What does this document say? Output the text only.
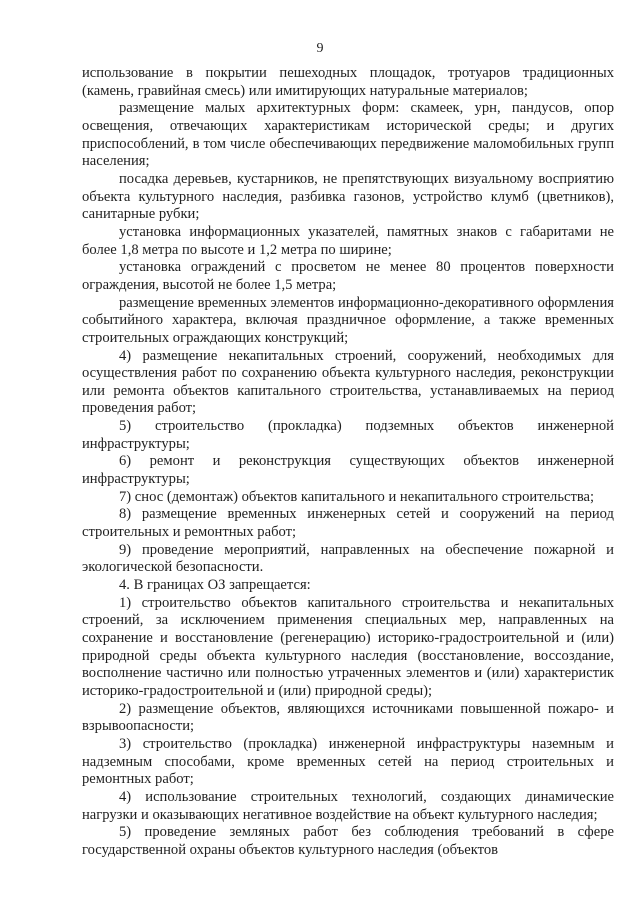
9

использование в покрытии пешеходных площадок, тротуаров традиционных (камень, гравийная смесь) или имитирующих натуральные материалов;

размещение малых архитектурных форм: скамеек, урн, пандусов, опор освещения, отвечающих характеристикам исторической среды; и других приспособлений, в том числе обеспечивающих передвижение маломобильных групп населения;

посадка деревьев, кустарников, не препятствующих визуальному восприятию объекта культурного наследия, разбивка газонов, устройство клумб (цветников), санитарные рубки;

установка информационных указателей, памятных знаков с габаритами не более 1,8 метра по высоте и 1,2 метра по ширине;

установка ограждений с просветом не менее 80 процентов поверхности ограждения, высотой не более 1,5 метра;

размещение временных элементов информационно-декоративного оформления событийного характера, включая праздничное оформление, а также временных строительных ограждающих конструкций;

4) размещение некапитальных строений, сооружений, необходимых для осуществления работ по сохранению объекта культурного наследия, реконструкции или ремонта объектов капитального строительства, устанавливаемых на период проведения работ;

5) строительство (прокладка) подземных объектов инженерной инфраструктуры;

6) ремонт и реконструкция существующих объектов инженерной инфраструктуры;

7) снос (демонтаж) объектов капитального и некапитального строительства;

8) размещение временных инженерных сетей и сооружений на период строительных и ремонтных работ;

9) проведение мероприятий, направленных на обеспечение пожарной и экологической безопасности.

4. В границах ОЗ запрещается:

1) строительство объектов капитального строительства и некапитальных строений, за исключением применения специальных мер, направленных на сохранение и восстановление (регенерацию) историко-градостроительной и (или) природной среды объекта культурного наследия (восстановление, воссоздание, восполнение частично или полностью утраченных элементов и (или) характеристик историко-градостроительной и (или) природной среды);

2) размещение объектов, являющихся источниками повышенной пожаро- и взрывоопасности;

3) строительство (прокладка) инженерной инфраструктуры наземным и надземным способами, кроме временных сетей на период строительных и ремонтных работ;

4) использование строительных технологий, создающих динамические нагрузки и оказывающих негативное воздействие на объект культурного наследия;

5) проведение земляных работ без соблюдения требований в сфере государственной охраны объектов культурного наследия (объектов
